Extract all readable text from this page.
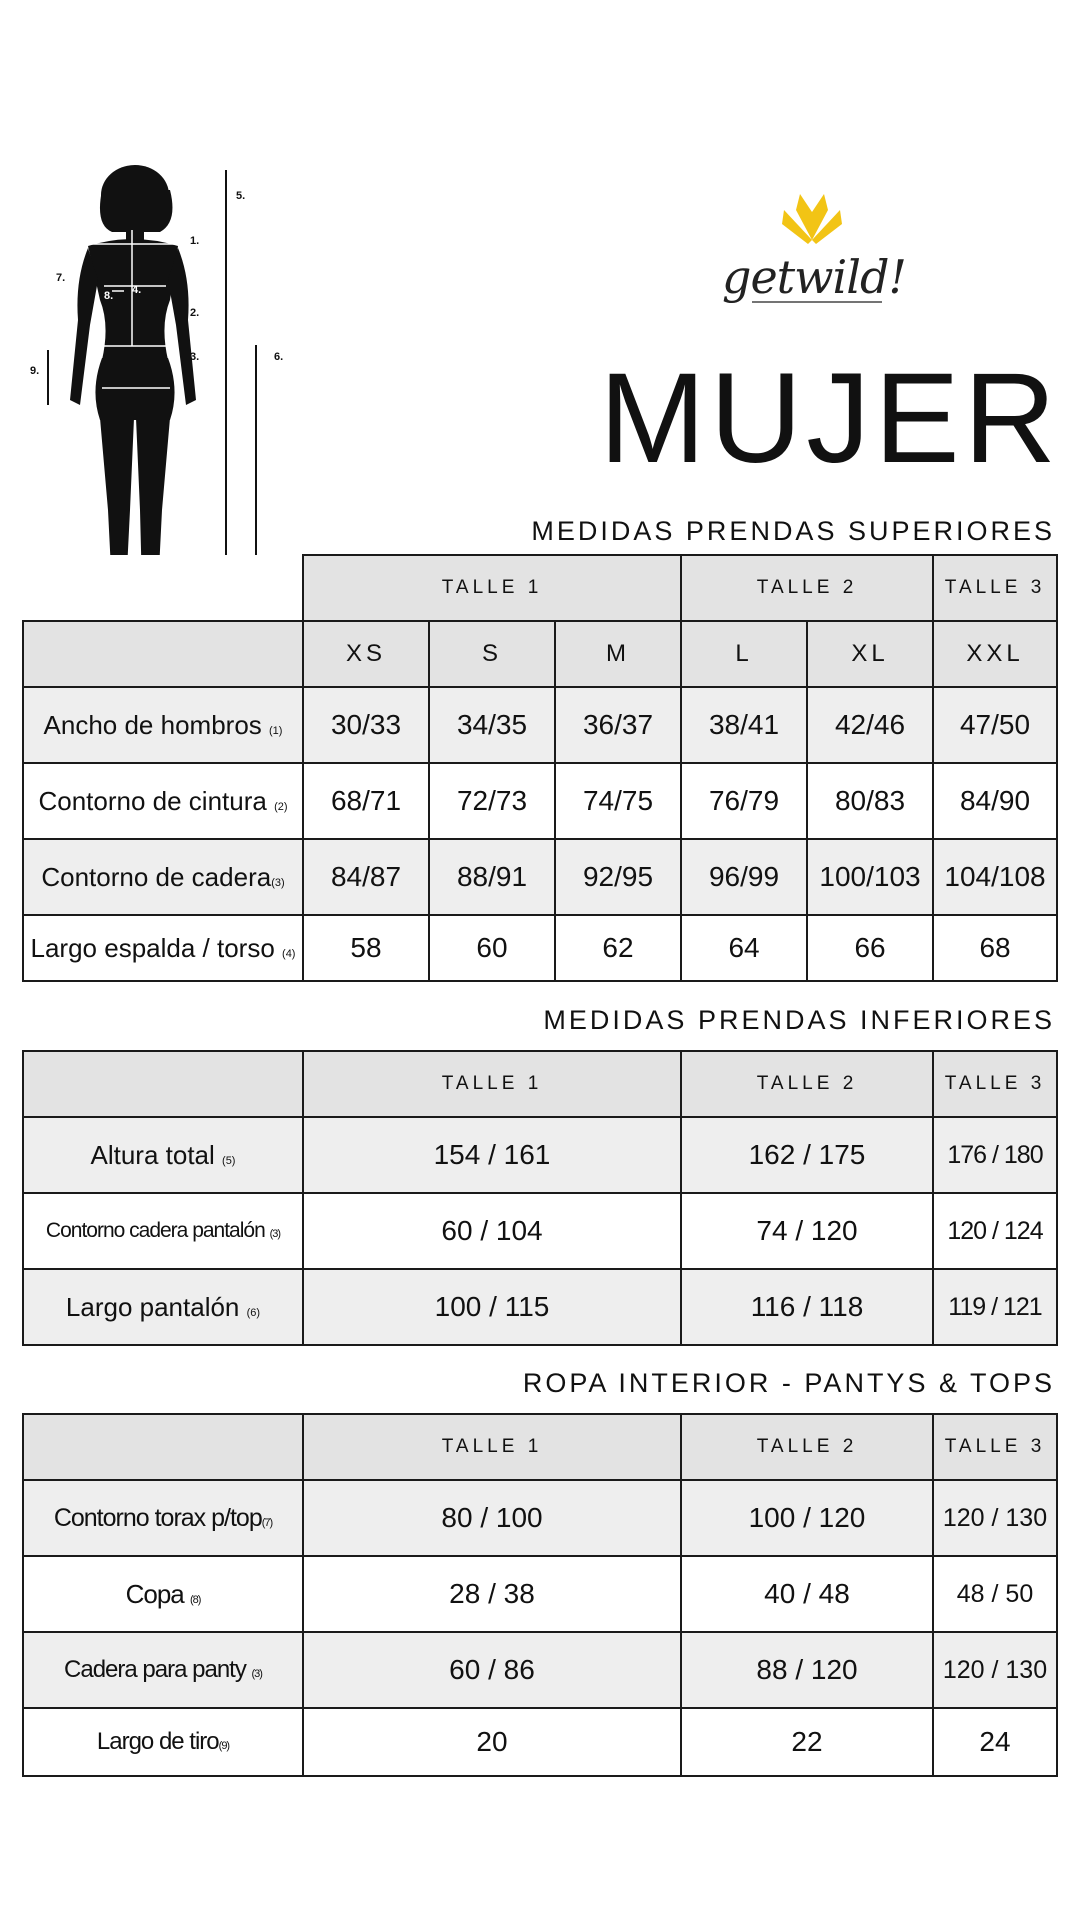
1.
2.
3.
4.
5.
6.
7.
8.
9.
getwild!
MUJER
MEDIDAS PRENDAS SUPERIORES
	TALLE 1			TALLE 2		TALLE 3
	XS	S	M	L	XL	XXL
Ancho de hombros (1)	30/33	34/35	36/37	38/41	42/46	47/50
Contorno de cintura (2)	68/71	72/73	74/75	76/79	80/83	84/90
Contorno de cadera(3)	84/87	88/91	92/95	96/99	100/103	104/108
Largo espalda / torso (4)	58	60	62	64	66	68
MEDIDAS PRENDAS INFERIORES
	TALLE 1	TALLE 2	TALLE 3
Altura total (5)	154 / 161	162 / 175	176 / 180
Contorno cadera pantalón (3)	60 / 104	74 / 120	120 / 124
Largo pantalón (6)	100 / 115	116 / 118	119 / 121
ROPA INTERIOR - PANTYS & TOPS
	TALLE 1	TALLE 2	TALLE 3
Contorno torax p/top(7)	80 / 100	100 / 120	120 / 130
Copa (8)	28 / 38	40 / 48	48 / 50
Cadera para panty (3)	60 / 86	88 / 120	120 / 130
Largo de tiro(9)	20	22	24
